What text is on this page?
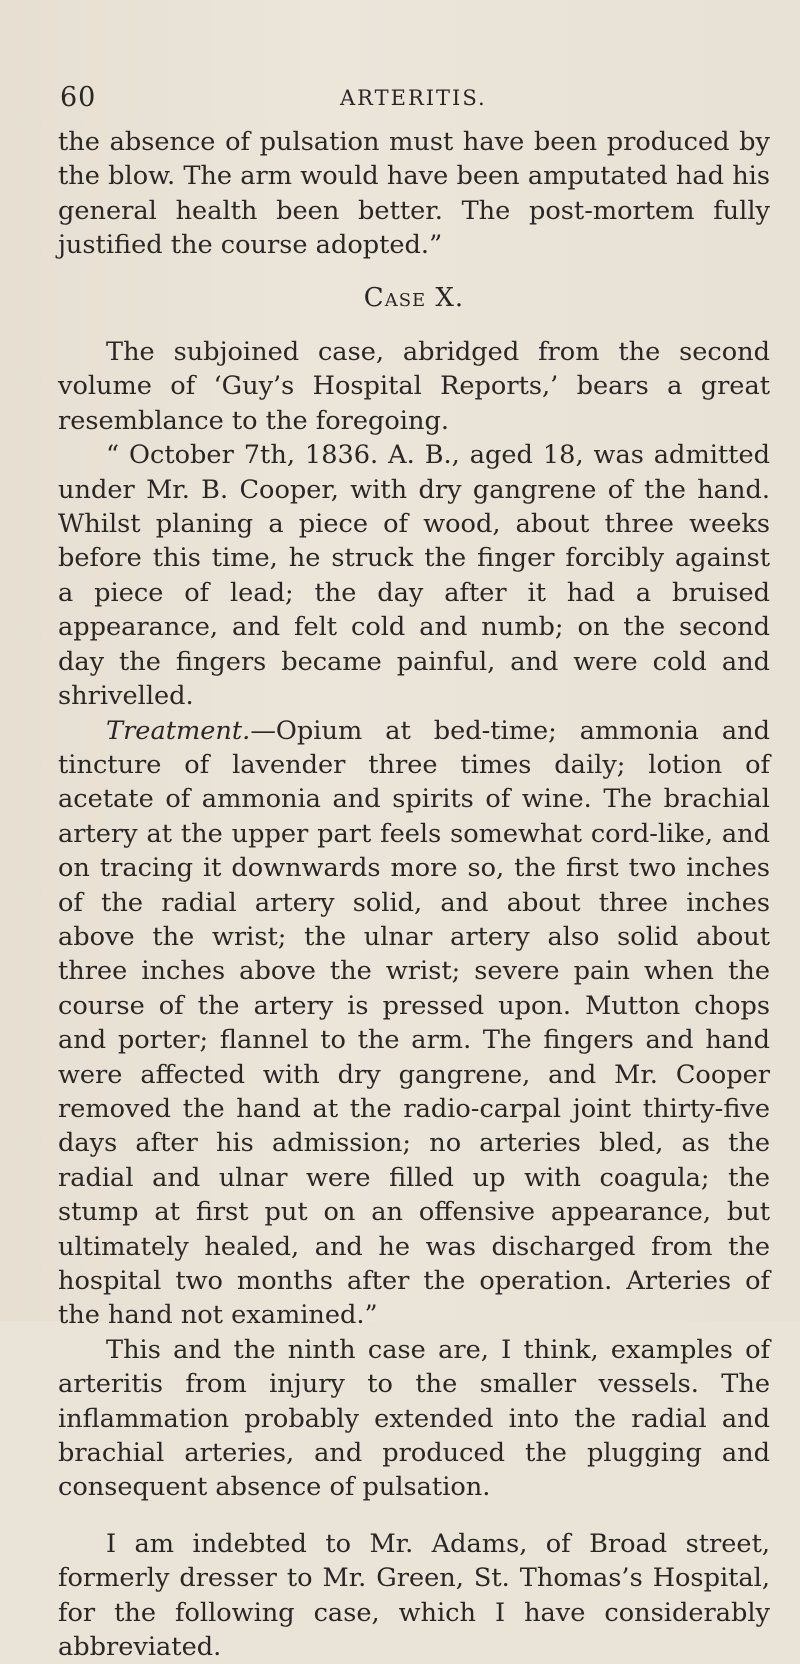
60	ARTERITIS.

the absence of pulsation must have been produced by the blow. The arm would have been amputated had his general health been better. The post-mortem fully justified the course adopted.”

Case X.

The subjoined case, abridged from the second volume of ‘Guy’s Hospital Reports,’ bears a great resemblance to the foregoing.

“ October 7th, 1836. A. B., aged 18, was admitted under Mr. B. Cooper, with dry gangrene of the hand. Whilst planing a piece of wood, about three weeks before this time, he struck the finger forcibly against a piece of lead; the day after it had a bruised appearance, and felt cold and numb; on the second day the fingers became painful, and were cold and shrivelled.

Treatment.—Opium at bed-time; ammonia and tincture of lavender three times daily; lotion of acetate of ammonia and spirits of wine. The brachial artery at the upper part feels somewhat cord-like, and on tracing it downwards more so, the first two inches of the radial artery solid, and about three inches above the wrist; the ulnar artery also solid about three inches above the wrist; severe pain when the course of the artery is pressed upon. Mutton chops and porter; flannel to the arm. The fingers and hand were affected with dry gangrene, and Mr. Cooper removed the hand at the radio-carpal joint thirty-five days after his admission; no arteries bled, as the radial and ulnar were filled up with coagula; the stump at first put on an offensive appearance, but ultimately healed, and he was discharged from the hospital two months after the operation. Arteries of the hand not examined.”

This and the ninth case are, I think, examples of arteritis from injury to the smaller vessels. The inflammation probably extended into the radial and brachial arteries, and produced the plugging and consequent absence of pulsation.

I am indebted to Mr. Adams, of Broad street, formerly dresser to Mr. Green, St. Thomas’s Hospital, for the following case, which I have considerably abbreviated.
